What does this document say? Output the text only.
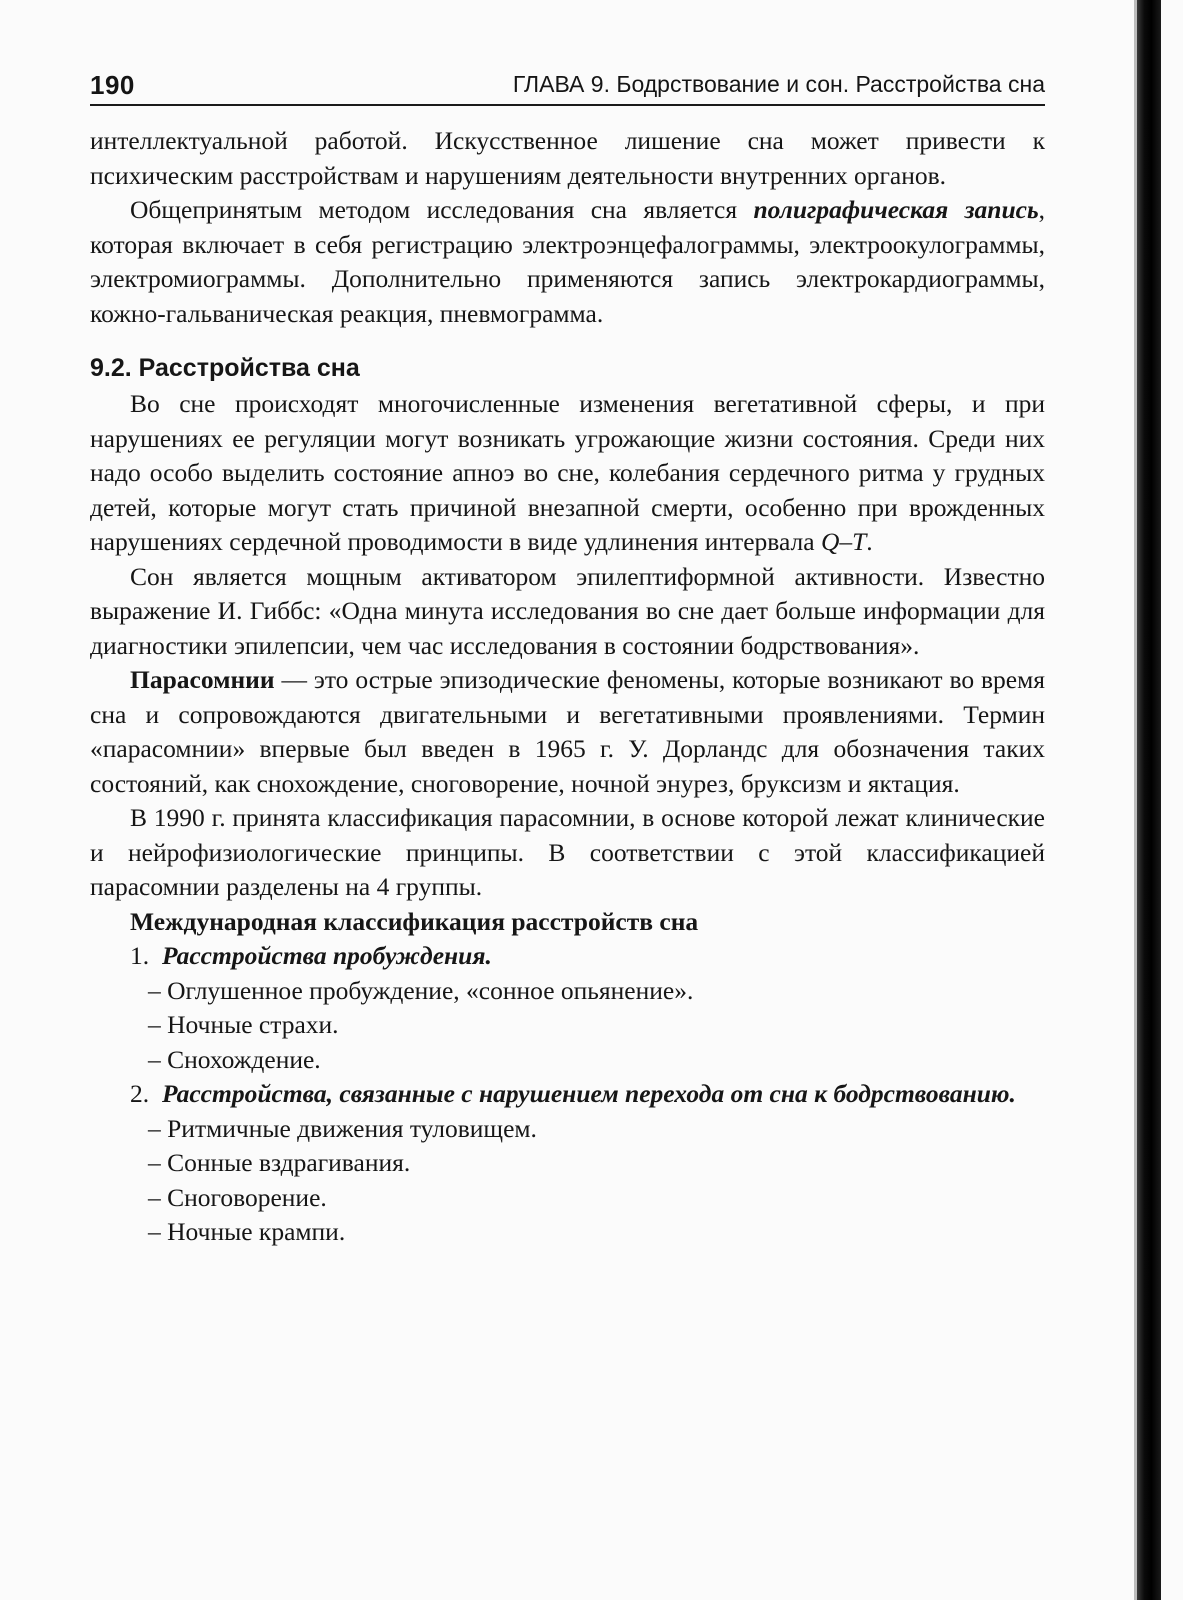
190	ГЛАВА 9. Бодрствование и сон. Расстройства сна

интеллектуальной работой. Искусственное лишение сна может привести к психическим расстройствам и нарушениям деятельности внутренних органов.

Общепринятым методом исследования сна является полиграфическая запись, которая включает в себя регистрацию электроэнцефалограммы, электроокулограммы, электромиограммы. Дополнительно применяются запись электрокардиограммы, кожно-гальваническая реакция, пневмограмма.

9.2. Расстройства сна

Во сне происходят многочисленные изменения вегетативной сферы, и при нарушениях ее регуляции могут возникать угрожающие жизни состояния. Среди них надо особо выделить состояние апноэ во сне, колебания сердечного ритма у грудных детей, которые могут стать причиной внезапной смерти, особенно при врожденных нарушениях сердечной проводимости в виде удлинения интервала Q–T.

Сон является мощным активатором эпилептиформной активности. Известно выражение И. Гиббс: «Одна минута исследования во сне дает больше информации для диагностики эпилепсии, чем час исследования в состоянии бодрствования».

Парасомнии — это острые эпизодические феномены, которые возникают во время сна и сопровождаются двигательными и вегетативными проявлениями. Термин «парасомнии» впервые был введен в 1965 г. У. Дорландс для обозначения таких состояний, как снохождение, сноговорение, ночной энурез, бруксизм и яктация.

В 1990 г. принята классификация парасомнии, в основе которой лежат клинические и нейрофизиологические принципы. В соответствии с этой классификацией парасомнии разделены на 4 группы.

Международная классификация расстройств сна
1. Расстройства пробуждения.
– Оглушенное пробуждение, «сонное опьянение».
– Ночные страхи.
– Снохождение.
2. Расстройства, связанные с нарушением перехода от сна к бодрствованию.
– Ритмичные движения туловищем.
– Сонные вздрагивания.
– Сноговорение.
– Ночные крампи.
